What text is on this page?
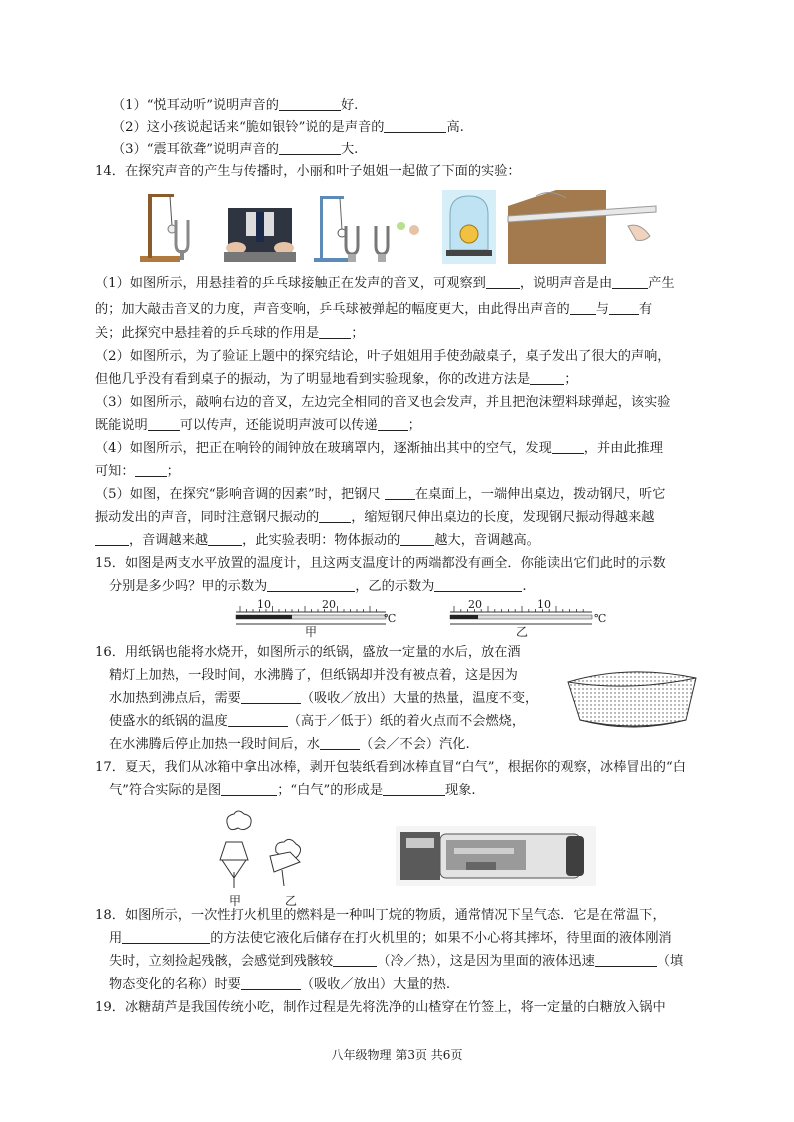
（1）“悦耳动听”说明声音的	好.
（2）这小孩说起话来“脆如银铃”说的是声音的	高.
（3）“震耳欲聋”说明声音的	大.
14．在探究声音的产生与传播时，小丽和叶子姐姐一起做了下面的实验：
（1）如图所示，用悬挂着的乒乓球接触正在发声的音叉，可观察到	，说明声音是由	产生
的；加大敲击音叉的力度，声音变响，乒乓球被弹起的幅度更大，由此得出声音的 与 有
关；此探究中悬挂着的乒乓球的作用是 ；
（2）如图所示，为了验证上题中的探究结论，叶子姐姐用手使劲敲桌子，桌子发出了很大的声响，
但他几乎没有看到桌子的振动，为了明显地看到实验现象，你的改进方法是	；
（3）如图所示，敲响右边的音叉，左边完全相同的音叉也会发声，并且把泡沫塑料球弹起，该实验
既能说明 可以传声，还能说明声波可以传递 ；
（4）如图所示，把正在响铃的闹钟放在玻璃罩内，逐渐抽出其中的空气，发现 ，并由此推理
可知： ；
（5）如图，在探究“影响音调的因素”时，把钢尺 在桌面上，一端伸出桌边，拨动钢尺，听它
振动发出的声音，同时注意钢尺振动的 ，缩短钢尺伸出桌边的长度，发现钢尺振动得越来越
，音调越来越	，此实验表明：物体振动的	越大，音调越高。
15．如图是两支水平放置的温度计，且这两支温度计的两端都没有画全．你能读出它们此时的示数
分别是多少吗？甲的示数为	，乙的示数为	.
10	20
℃
甲
20	10
℃
乙
16．用纸锅也能将水烧开，如图所示的纸锅，盛放一定量的水后，放在酒
精灯上加热，一段时间，水沸腾了，但纸锅却并没有被点着，这是因为
水加热到沸点后，需要	（吸收／放出）大量的热量，温度不变，
使盛水的纸锅的温度	（高于／低于）纸的着火点而不会燃烧，
在水沸腾后停止加热一段时间后，水	（会／不会）汽化.
17．夏天，我们从冰箱中拿出冰棒，剥开包装纸看到冰棒直冒“白气”，根据你的观察，冰棒冒出的“白
气”符合实际的是图	；“白气”的形成是	现象.
甲	乙
18．如图所示，一次性打火机里的燃料是一种叫丁烷的物质，通常情况下呈气态．它是在常温下，
用	的方法使它液化后储存在打火机里的；如果不小心将其摔坏，待里面的液体刚消
失时，立刻捡起残骸，会感觉到残骸较	（冷／热），这是因为里面的液体迅速	（填
物态变化的名称）时要	（吸收／放出）大量的热.
19．冰糖葫芦是我国传统小吃，制作过程是先将洗净的山楂穿在竹签上，将一定量的白糖放入锅中
八年级物理 第3页 共6页
